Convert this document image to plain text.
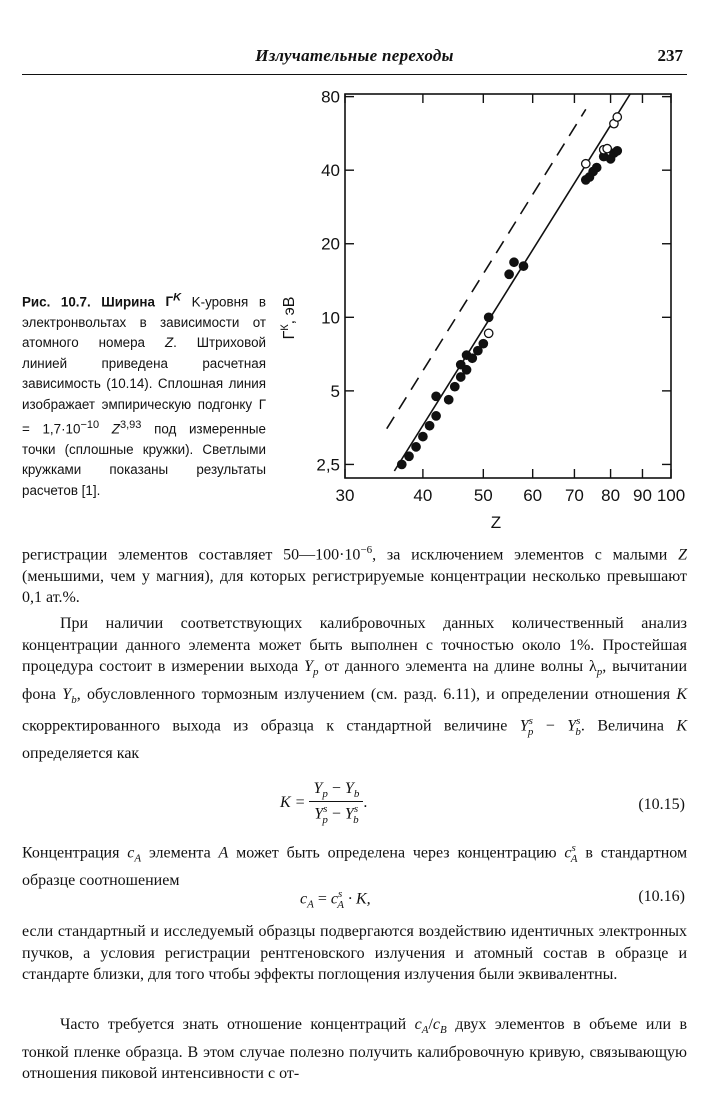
Излучательные переходы	237
Рис. 10.7. Ширина $Г^K$ K-уровня в электронвольтах в зависимости от атомного номера Z. Штриховой линией приведена расчетная зависимость (10.14). Сплошная линия изображает эмпирическую подгонку $Г = 1,7\cdot 10^{-10}$ Z$^{3,93}$ под измеренные точки (сплошные кружки). Светлыми кружками показаны результаты расчетов [1].	30	40 50 60 70 80 90 100
2,5
5
10
20
40
80
Z
$Г^К$, эВ

регистрации элементов составляет $50—100\cdot 10^{-6}$, за исключением элементов с малыми Z (меньшими, чем у магния), для которых регистрируемые концентрации несколько превышают 0,1 ат.%.

При наличии соответствующих калибровочных данных количественный анализ концентрации данного элемента может быть выполнен с точностью около 1%. Простейшая процедура состоит в измерении выхода $Y_p$ от данного элемента на длине волны $\lambda_p$, вычитании фона $Y_b$, обусловленного тормозным излучением (см. разд. 6.11), и определении отношения K скорректированного выхода из образца к стандартной величине $Y^s_p - Y^s_b$. Величина K определяется как

$K = \frac{Y_p - Y_b}{Y^s_p - Y^s_b}$ .	(10.15)

Концентрация $c_A$ элемента A может быть определена через концентрацию $c^s_A$ в стандартном образце соотношением

$c_A = c^s_A \cdot K$,	(10.16)

если стандартный и исследуемый образцы подвергаются воздействию идентичных электронных пучков, а условия регистрации рентгеновского излучения и атомный состав в образце и стандарте близки, для того чтобы эффекты поглощения излучения были эквивалентны.

Часто требуется знать отношение концентраций $c_A/c_B$ двух элементов в объеме или в тонкой пленке образца. В этом случае полезно получить калибровочную кривую, связывающую отношения пиковой интенсивности с от-
